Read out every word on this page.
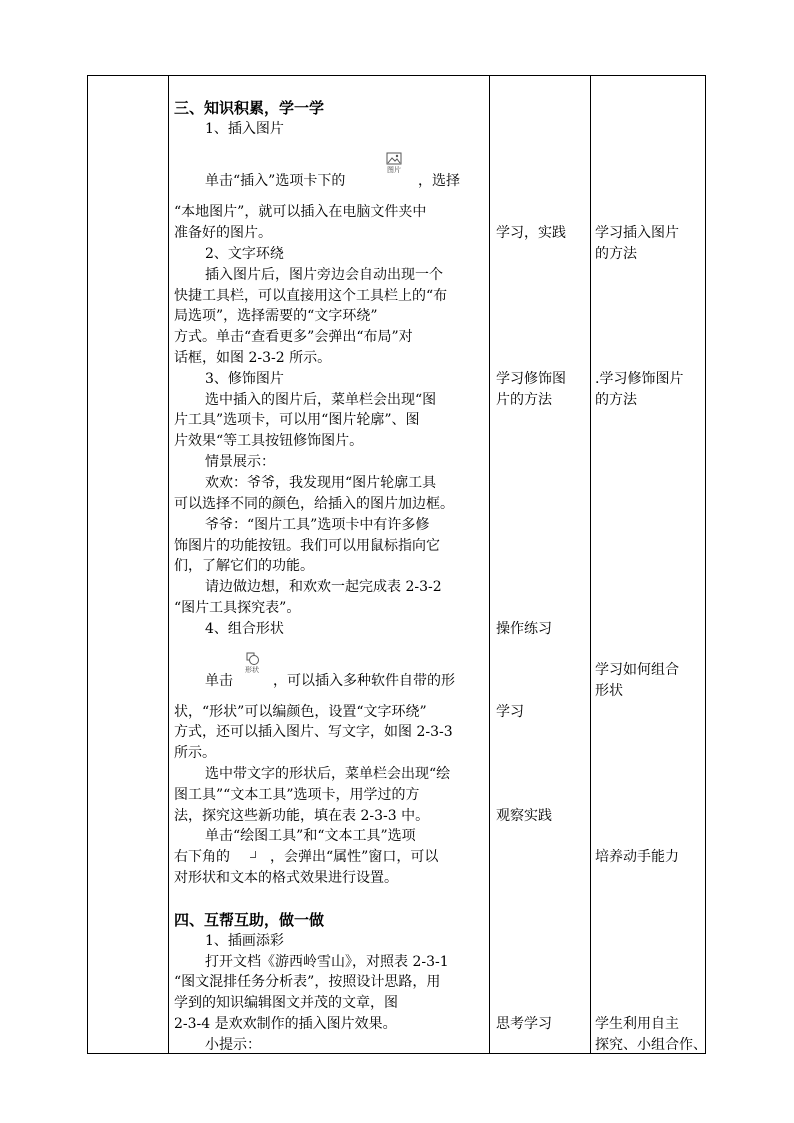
三、知识积累，学一学
1、插入图片
单击“插入”选项卡下的
图片
，选择
“本地图片”，就可以插入在电脑文件夹中
准备好的图片。
2、文字环绕
插入图片后，图片旁边会自动出现一个
快捷工具栏，可以直接用这个工具栏上的“布
局选项”，选择需要的“文字环绕”
方式。单击“查看更多”会弹出“布局”对
话框，如图 2-3-2 所示。
3、修饰图片
选中插入的图片后，菜单栏会出现“图
片工具”选项卡，可以用“图片轮廓”、图
片效果“等工具按钮修饰图片。
情景展示：
欢欢：爷爷，我发现用“图片轮廓工具
可以选择不同的颜色，给插入的图片加边框。
爷爷：“图片工具”选项卡中有许多修
饰图片的功能按钮。我们可以用鼠标指向它
们，了解它们的功能。
请边做边想，和欢欢一起完成表 2-3-2
“图片工具探究表”。
4、组合形状
单击
形状
，可以插入多种软件自带的形
状，“形状”可以编颜色，设置“文字环绕”
方式，还可以插入图片、写文字，如图 2-3-3
所示。
选中带文字的形状后，菜单栏会出现“绘
图工具”“文本工具”选项卡，用学过的方
法，探究这些新功能，填在表 2-3-3 中。
单击“绘图工具”和“文本工具”选项
右下角的	，会弹出“属性”窗口，可以
对形状和文本的格式效果进行设置。
四、互帮互助，做一做
1、插画添彩
打开文档《游西岭雪山》，对照表 2-3-1
“图文混排任务分析表”，按照设计思路，用
学到的知识编辑图文并茂的文章，图
2-3-4 是欢欢制作的插入图片效果。
小提示：
学习，实践
学习修饰图
片的方法
操作练习
学习
观察实践
思考学习
学习插入图片
的方法
.学习修饰图片
的方法
学习如何组合
形状
培养动手能力
学生利用自主
探究、小组合作、
